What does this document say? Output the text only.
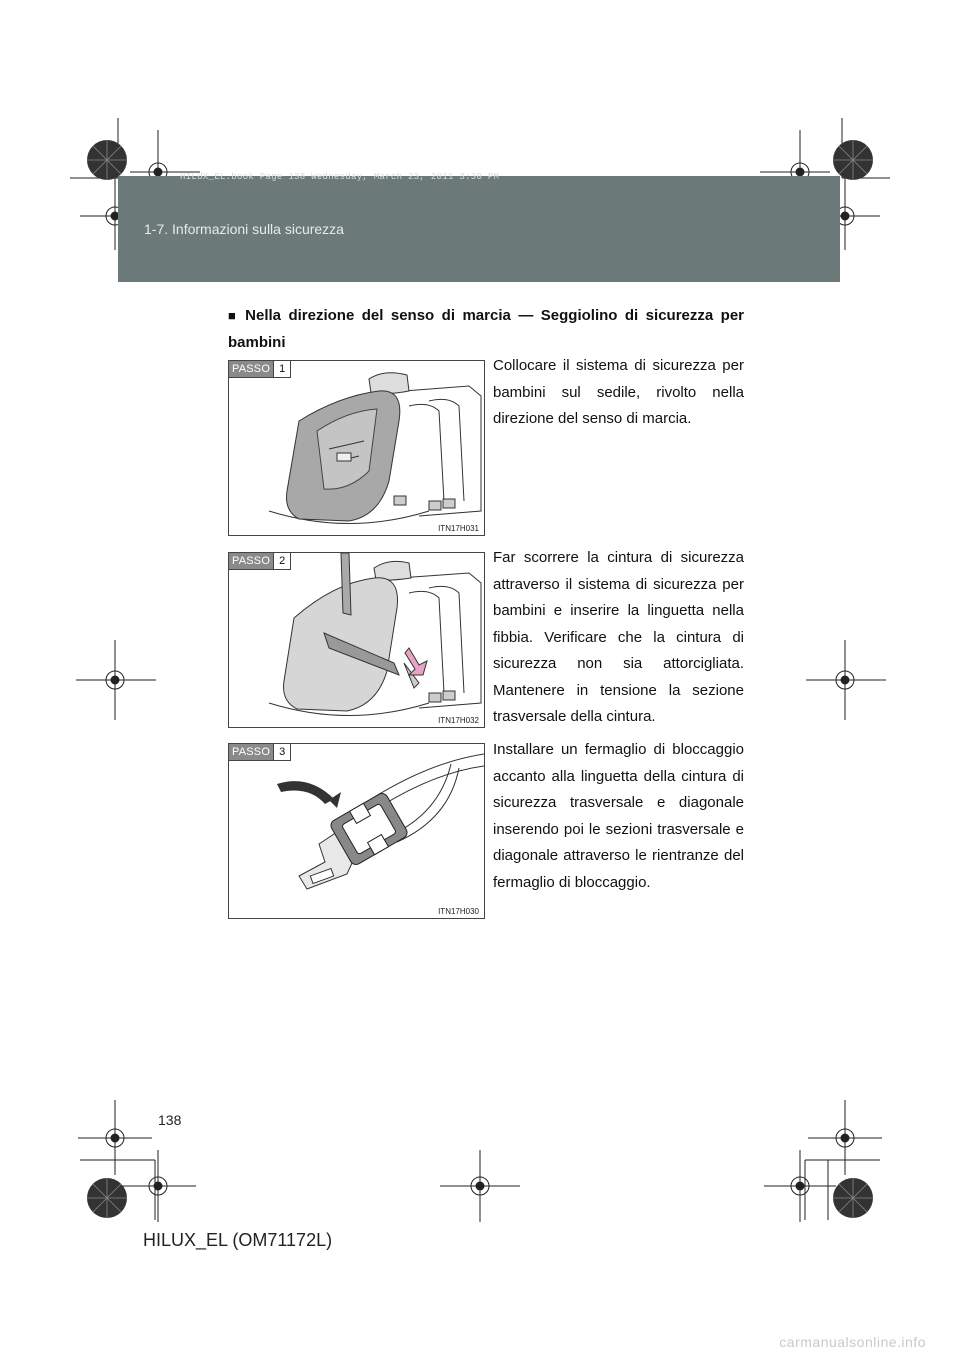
HILUX_EL.book Page 138 Wednesday, March 23, 2011 3:30 PM
1-7. Informazioni sulla sicurezza
■ Nella direzione del senso di marcia — Seggiolino di sicurezza per bambini
PASSO 1
ITN17H031
Collocare il sistema di sicurezza per bambini sul sedile, rivolto nella direzione del senso di marcia.
PASSO 2
ITN17H032
Far scorrere la cintura di sicurezza attraverso il sistema di sicurezza per bambini e inserire la linguetta nella fibbia. Verificare che la cintura di sicurezza non sia attorcigliata. Mantenere in tensione la sezione trasversale della cintura.
PASSO 3
ITN17H030
Installare un fermaglio di bloccaggio accanto alla linguetta della cintura di sicurezza trasversale e diagonale inserendo poi le sezioni trasversale e diagonale attraverso le rientranze del fermaglio di bloccaggio.
138
HILUX_EL (OM71172L)
carmanualsonline.info
